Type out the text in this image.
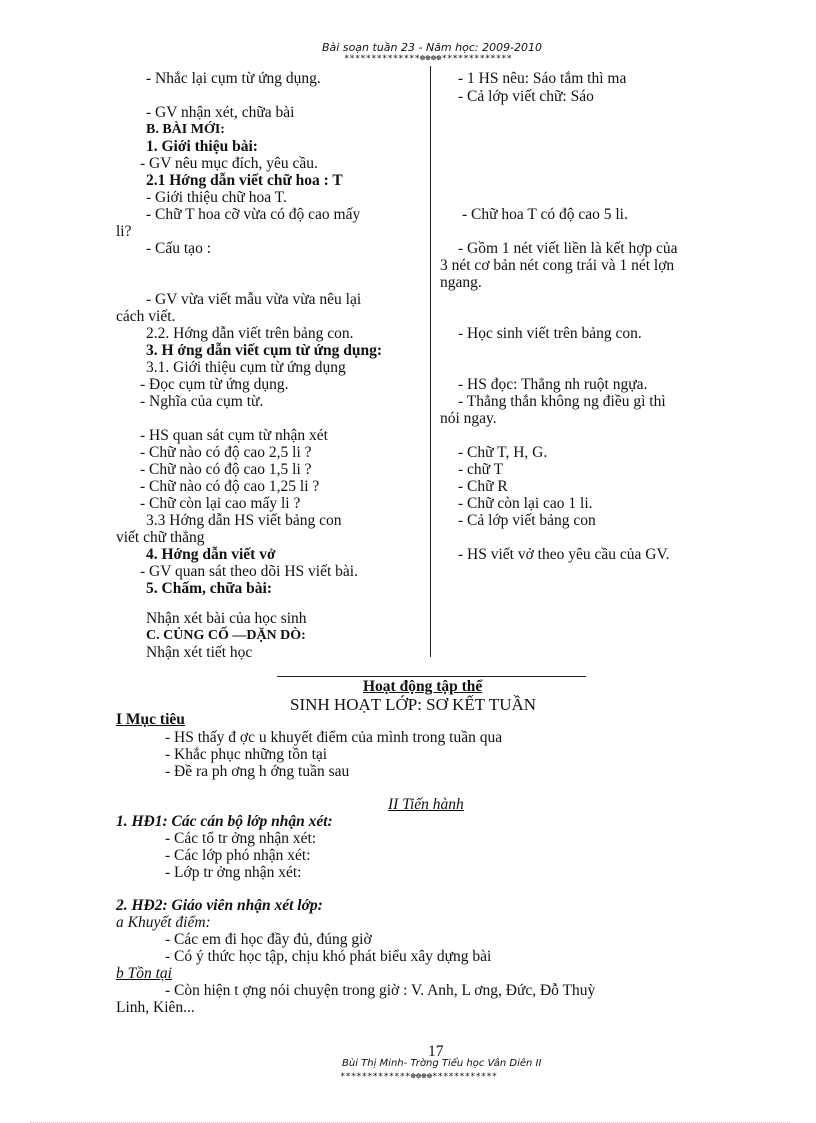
Bài soạn tuần 23 - Năm học: 2009-2010
**************☸☸☸☸*************
- Nhắc lại cụm từ ứng dụng.
- GV nhận xét, chữa bài
B. BÀI MỚI:
1. Giới thiệu bài:
- GV nêu mục đích, yêu cầu.
2.1 Hớng dẫn viết chữ hoa : T
- Giới thiệu chữ hoa T.
- Chữ T hoa cỡ vừa có độ cao mấy
li?
- Cấu tạo :
- GV vừa viết mẫu vừa vừa nêu lại
cách viết.
2.2. Hớng dẫn viết trên bảng con.
3. H ớng dẫn viết cụm từ ứng dụng:
3.1. Giới thiệu cụm từ ứng dụng
- Đọc cụm từ ứng dụng.
- Nghĩa của cụm từ.
- HS quan sát cụm từ nhận xét
- Chữ nào có độ cao 2,5 li ?
- Chữ nào có độ cao 1,5 li ?
- Chữ nào có độ cao 1,25 li ?
- Chữ còn lại cao mấy li ?
3.3 Hớng dẫn HS viết bảng con
viết chữ thẳng
4. Hớng dẫn viết vở
- GV quan sát theo dõi HS viết bài.
5. Chấm, chữa bài:
Nhận xét bài của học sinh
C. CỦNG CỐ —DẶN DÒ:
Nhận xét tiết học
- 1 HS nêu: Sáo tắm thì ma
- Cả lớp viết chữ: Sáo
- Chữ hoa T có độ cao 5 li.
- Gồm 1 nét viết liền là kết hợp của
3 nét cơ bản nét cong trái và 1 nét lợn
ngang.
- Học sinh viết trên bảng con.
- HS đọc: Thẳng nh ruột ngựa.
- Thẳng thắn không ng điều gì thì
nói ngay.
- Chữ T, H, G.
- chữ T
- Chữ R
- Chữ còn lại cao 1 li.
- Cả lớp viết bảng con
- HS viết vở theo yêu cầu của GV.
Hoạt động tập thể
SINH HOẠT LỚP: SƠ KẾT TUẦN
I Mục tiêu
- HS thấy đ ợc u khuyết điểm của mình trong tuần qua
- Khắc phục những tồn tại
- Đề ra ph ơng h ớng tuần sau
II Tiến hành
1. HĐ1: Các cán bộ lớp nhận xét:
- Các tổ tr ởng nhận xét:
- Các lớp phó nhận xét:
- Lớp tr ởng nhận xét:
2. HĐ2: Giáo viên nhận xét lớp:
a Khuyết điểm:
- Các em đi học đầy đủ, đúng giờ
- Có ý thức học tập, chịu khó phát biểu xây dựng bài
b Tồn tại
- Còn hiện t ợng nói chuyện trong giờ : V. Anh, L ơng, Đức, Đỗ Thuỳ
Linh, Kiên...
17
Bùi Thị Minh- Trờng Tiểu học Vân Diên II
*************☸☸☸☸************
